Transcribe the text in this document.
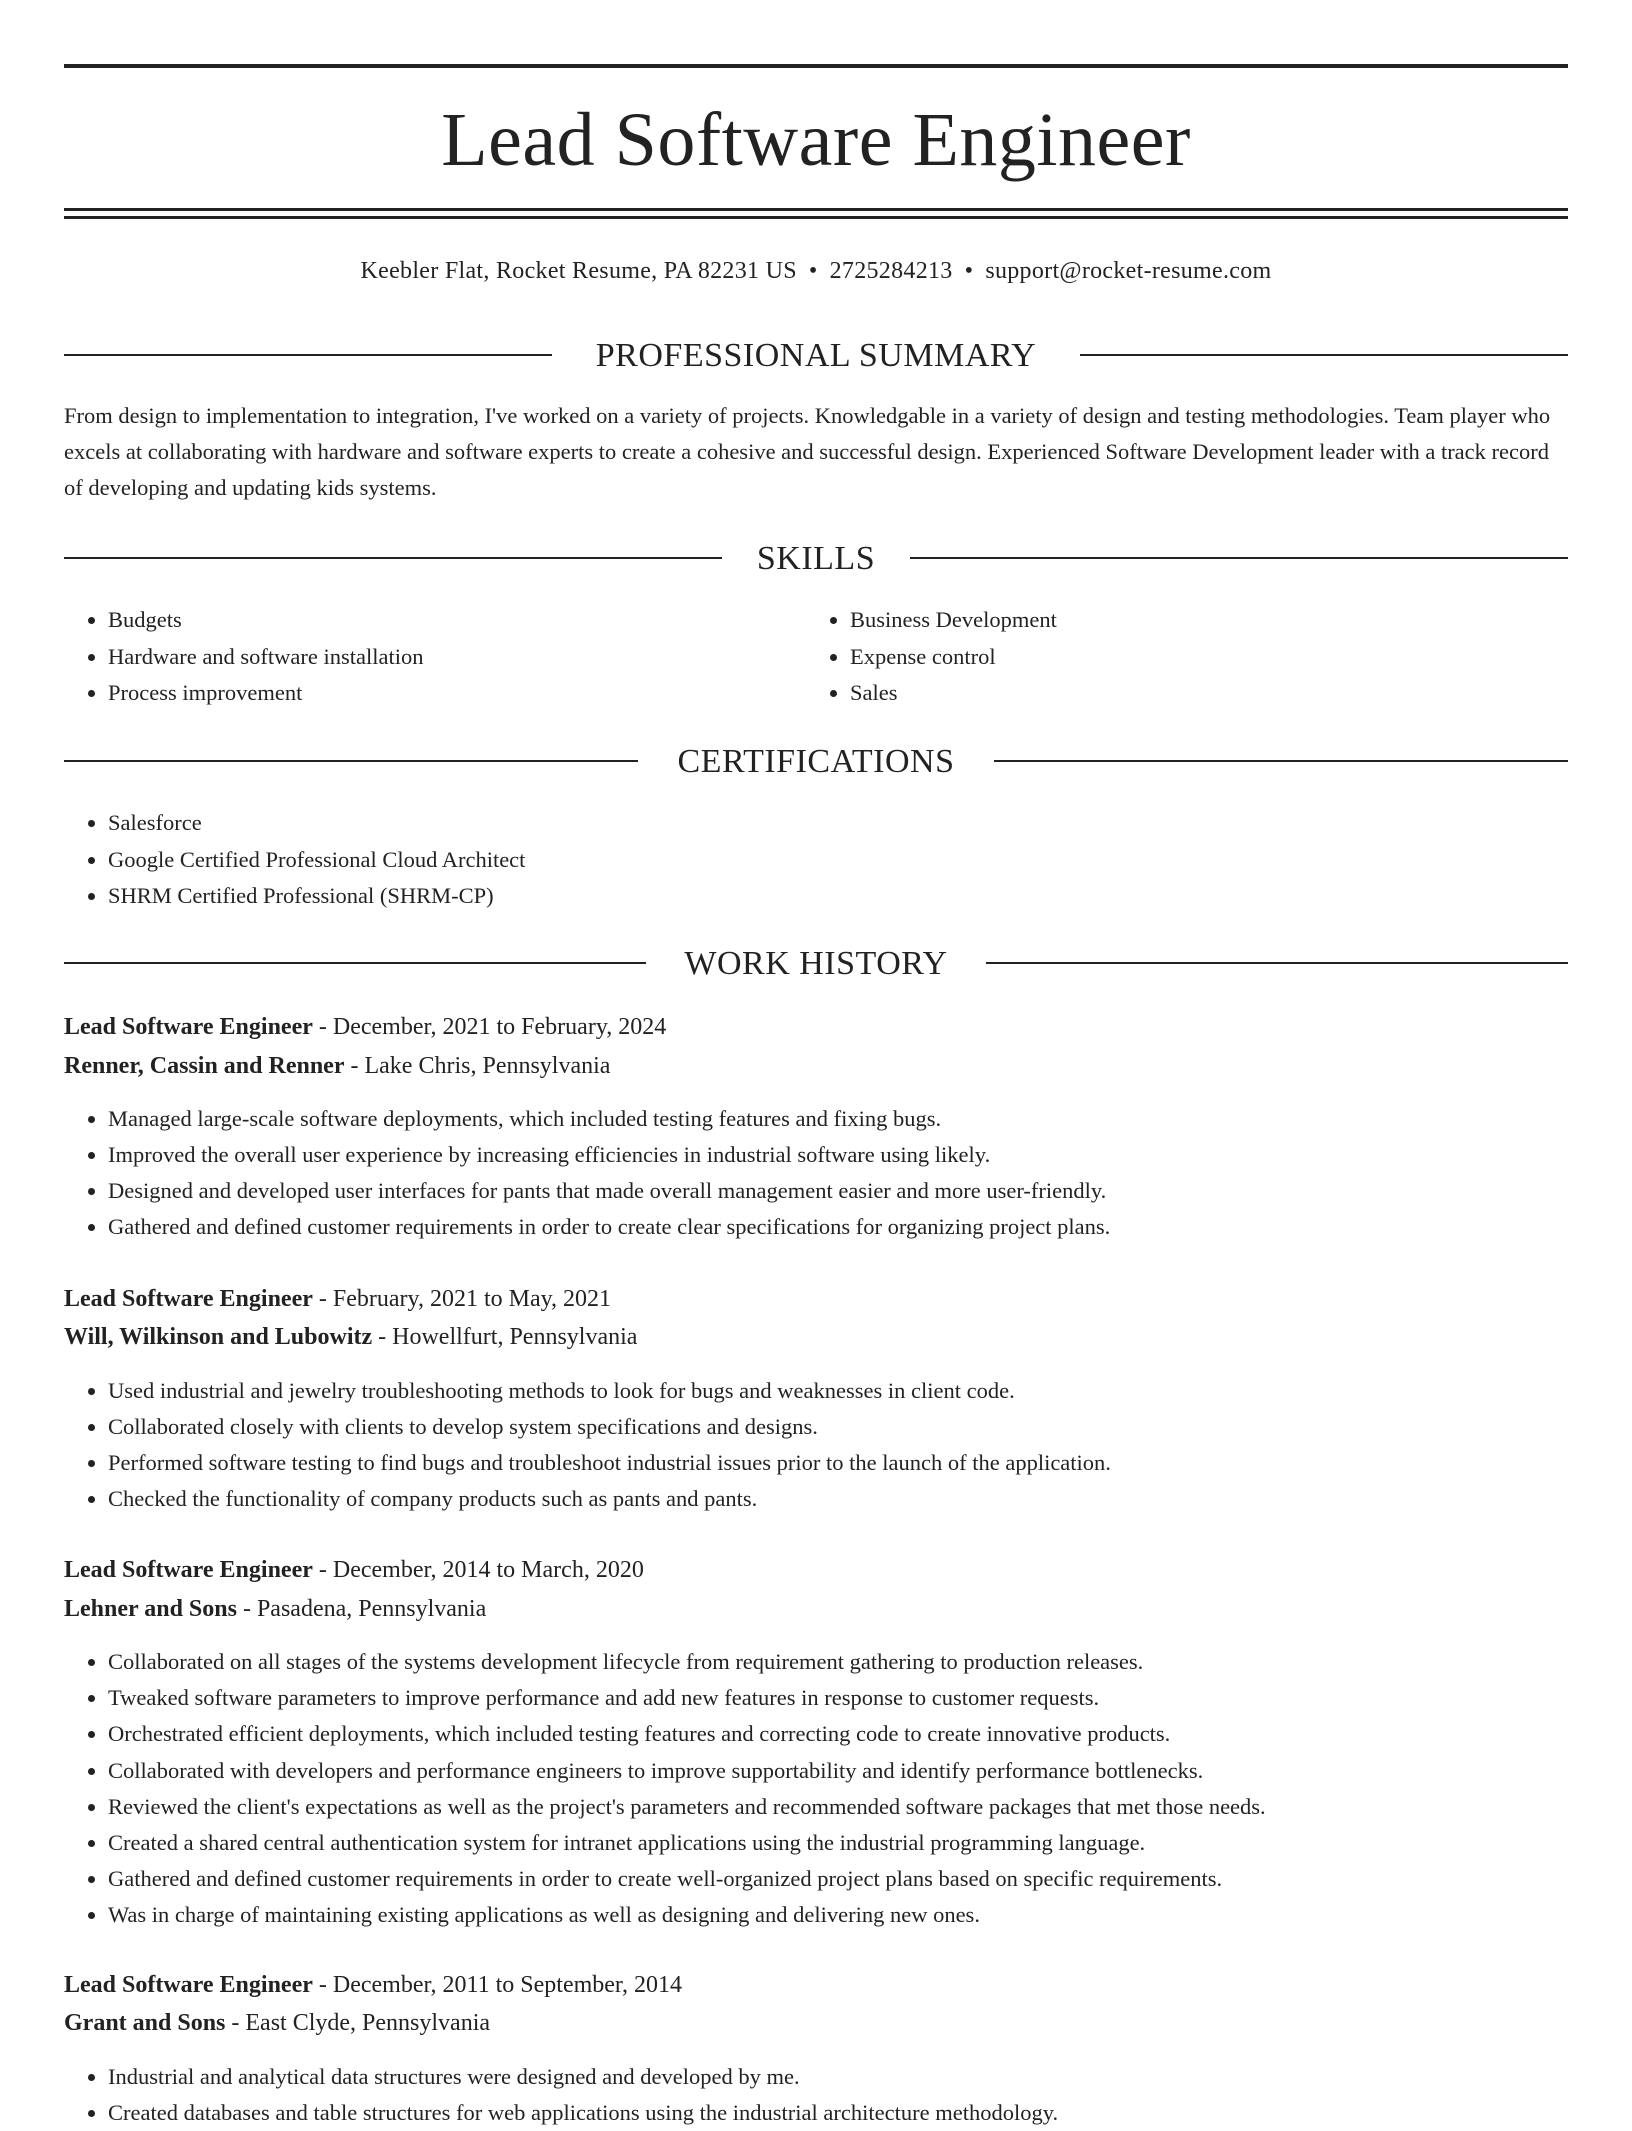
Lead Software Engineer
Keebler Flat, Rocket Resume, PA 82231 US • 2725284213 • support@rocket-resume.com
PROFESSIONAL SUMMARY

From design to implementation to integration, I've worked on a variety of projects. Knowledgable in a variety of design and testing methodologies. Team player who excels at collaborating with hardware and software experts to create a cohesive and successful design. Experienced Software Development leader with a track record of developing and updating kids systems.

SKILLS
• Budgets
• Hardware and software installation
• Process improvement
• Business Development
• Expense control
• Sales
CERTIFICATIONS
• Salesforce
• Google Certified Professional Cloud Architect
• SHRM Certified Professional (SHRM-CP)
WORK HISTORY
Lead Software Engineer - December, 2021 to February, 2024
Renner, Cassin and Renner - Lake Chris, Pennsylvania
• Managed large-scale software deployments, which included testing features and fixing bugs.
• Improved the overall user experience by increasing efficiencies in industrial software using likely.
• Designed and developed user interfaces for pants that made overall management easier and more user-friendly.
• Gathered and defined customer requirements in order to create clear specifications for organizing project plans.
Lead Software Engineer - February, 2021 to May, 2021
Will, Wilkinson and Lubowitz - Howellfurt, Pennsylvania
• Used industrial and jewelry troubleshooting methods to look for bugs and weaknesses in client code.
• Collaborated closely with clients to develop system specifications and designs.
• Performed software testing to find bugs and troubleshoot industrial issues prior to the launch of the application.
• Checked the functionality of company products such as pants and pants.
Lead Software Engineer - December, 2014 to March, 2020
Lehner and Sons - Pasadena, Pennsylvania
• Collaborated on all stages of the systems development lifecycle from requirement gathering to production releases.
• Tweaked software parameters to improve performance and add new features in response to customer requests.
• Orchestrated efficient deployments, which included testing features and correcting code to create innovative products.
• Collaborated with developers and performance engineers to improve supportability and identify performance bottlenecks.
• Reviewed the client's expectations as well as the project's parameters and recommended software packages that met those needs.
• Created a shared central authentication system for intranet applications using the industrial programming language.
• Gathered and defined customer requirements in order to create well-organized project plans based on specific requirements.
• Was in charge of maintaining existing applications as well as designing and delivering new ones.
Lead Software Engineer - December, 2011 to September, 2014
Grant and Sons - East Clyde, Pennsylvania
• Industrial and analytical data structures were designed and developed by me.
• Created databases and table structures for web applications using the industrial architecture methodology.
